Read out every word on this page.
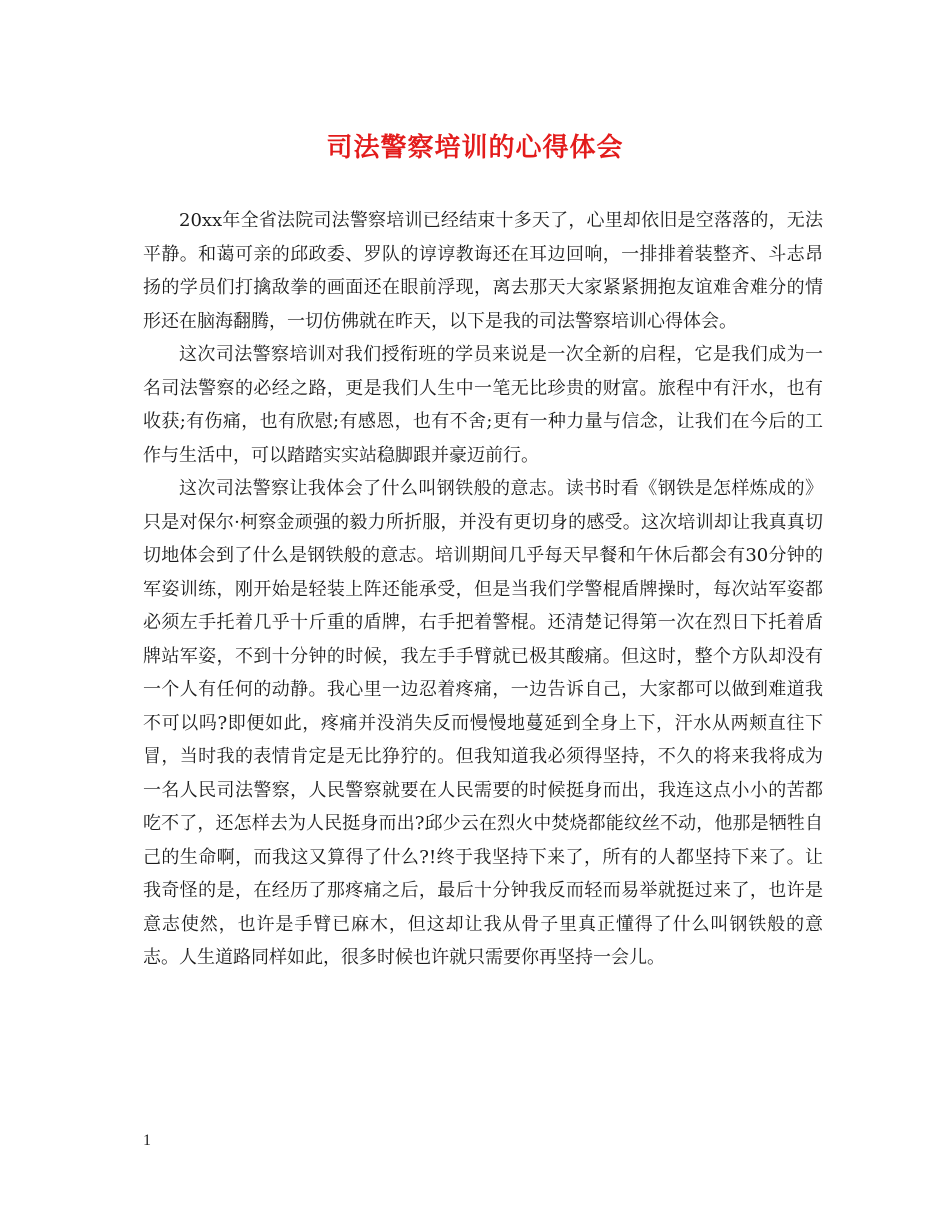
司法警察培训的心得体会

20xx年全省法院司法警察培训已经结束十多天了，心里却依旧是空落落的，无法平静。和蔼可亲的邱政委、罗队的谆谆教诲还在耳边回响，一排排着装整齐、斗志昂扬的学员们打擒敌拳的画面还在眼前浮现，离去那天大家紧紧拥抱友谊难舍难分的情形还在脑海翻腾，一切仿佛就在昨天，以下是我的司法警察培训心得体会。

这次司法警察培训对我们授衔班的学员来说是一次全新的启程，它是我们成为一名司法警察的必经之路，更是我们人生中一笔无比珍贵的财富。旅程中有汗水，也有收获;有伤痛，也有欣慰;有感恩，也有不舍;更有一种力量与信念，让我们在今后的工作与生活中，可以踏踏实实站稳脚跟并豪迈前行。

这次司法警察让我体会了什么叫钢铁般的意志。读书时看《钢铁是怎样炼成的》只是对保尔·柯察金顽强的毅力所折服，并没有更切身的感受。这次培训却让我真真切切地体会到了什么是钢铁般的意志。培训期间几乎每天早餐和午休后都会有30分钟的军姿训练，刚开始是轻装上阵还能承受，但是当我们学警棍盾牌操时，每次站军姿都必须左手托着几乎十斤重的盾牌，右手把着警棍。还清楚记得第一次在烈日下托着盾牌站军姿，不到十分钟的时候，我左手手臂就已极其酸痛。但这时，整个方队却没有一个人有任何的动静。我心里一边忍着疼痛，一边告诉自己，大家都可以做到难道我不可以吗?即便如此，疼痛并没消失反而慢慢地蔓延到全身上下，汗水从两颊直往下冒，当时我的表情肯定是无比狰狞的。但我知道我必须得坚持，不久的将来我将成为一名人民司法警察，人民警察就要在人民需要的时候挺身而出，我连这点小小的苦都吃不了，还怎样去为人民挺身而出?邱少云在烈火中焚烧都能纹丝不动，他那是牺牲自己的生命啊，而我这又算得了什么?!终于我坚持下来了，所有的人都坚持下来了。让我奇怪的是，在经历了那疼痛之后，最后十分钟我反而轻而易举就挺过来了，也许是意志使然，也许是手臂已麻木，但这却让我从骨子里真正懂得了什么叫钢铁般的意志。人生道路同样如此，很多时候也许就只需要你再坚持一会儿。

1
